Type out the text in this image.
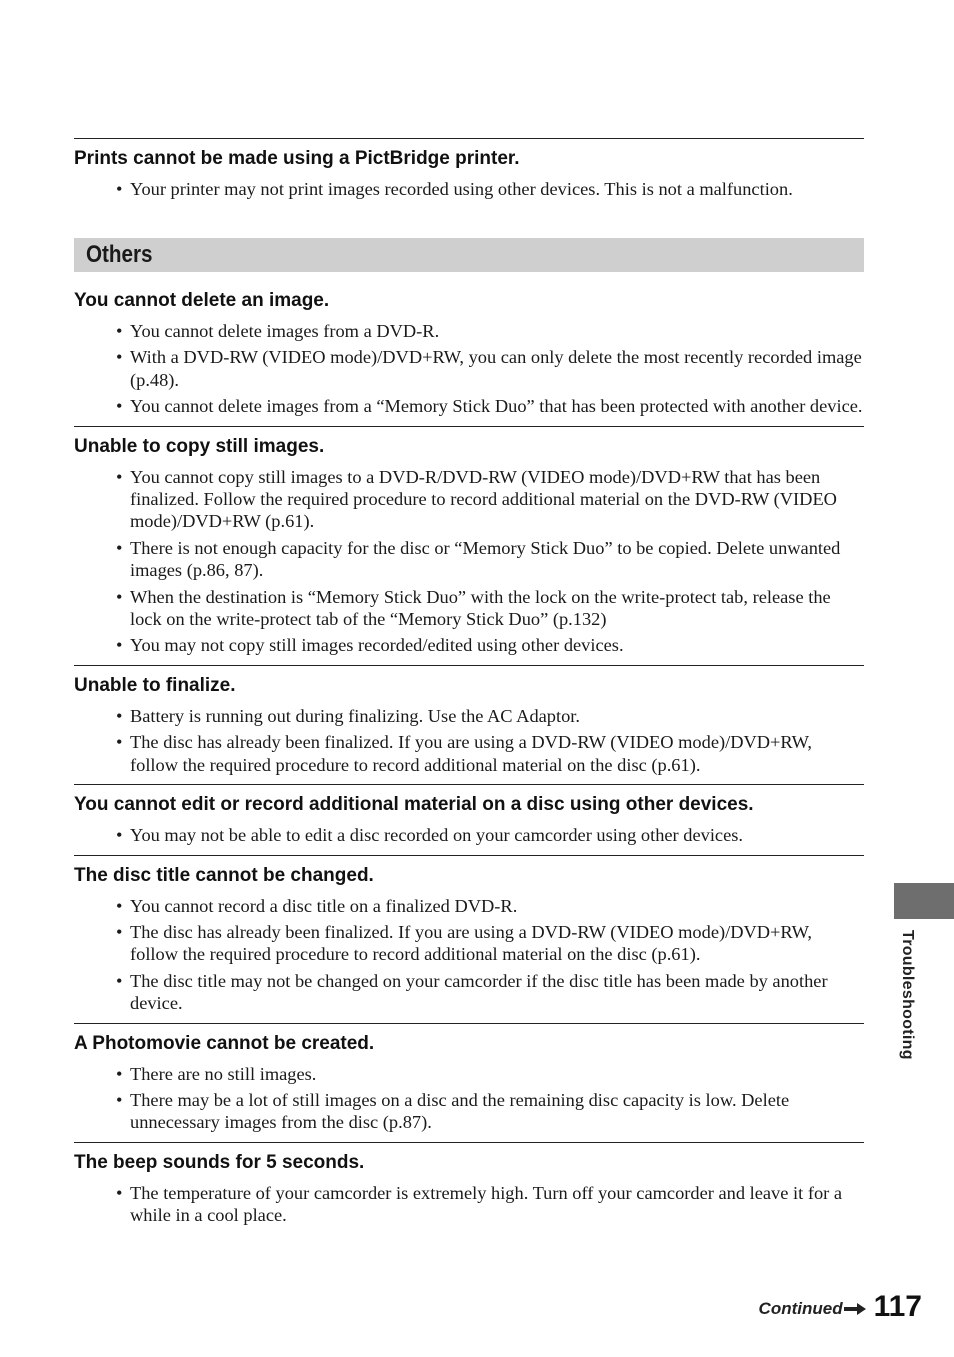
Prints cannot be made using a PictBridge printer.
• Your printer may not print images recorded using other devices. This is not a malfunction.
Others
You cannot delete an image.
• You cannot delete images from a DVD-R.
• With a DVD-RW (VIDEO mode)/DVD+RW, you can only delete the most recently recorded image (p.48).
• You cannot delete images from a “Memory Stick Duo” that has been protected with another device.
Unable to copy still images.
• You cannot copy still images to a DVD-R/DVD-RW (VIDEO mode)/DVD+RW that has been finalized. Follow the required procedure to record additional material on the DVD-RW (VIDEO mode)/DVD+RW (p.61).
• There is not enough capacity for the disc or “Memory Stick Duo” to be copied. Delete unwanted images (p.86, 87).
• When the destination is “Memory Stick Duo” with the lock on the write-protect tab, release the lock on the write-protect tab of the “Memory Stick Duo” (p.132)
• You may not copy still images recorded/edited using other devices.
Unable to finalize.
• Battery is running out during finalizing. Use the AC Adaptor.
• The disc has already been finalized. If you are using a DVD-RW (VIDEO mode)/DVD+RW, follow the required procedure to record additional material on the disc (p.61).
You cannot edit or record additional material on a disc using other devices.
• You may not be able to edit a disc recorded on your camcorder using other devices.
The disc title cannot be changed.
• You cannot record a disc title on a finalized DVD-R.
• The disc has already been finalized. If you are using a DVD-RW (VIDEO mode)/DVD+RW, follow the required procedure to record additional material on the disc (p.61).
• The disc title may not be changed on your camcorder if the disc title has been made by another device.
A Photomovie cannot be created.
• There are no still images.
• There may be a lot of still images on a disc and the remaining disc capacity is low. Delete unnecessary images from the disc (p.87).
The beep sounds for 5 seconds.
• The temperature of your camcorder is extremely high. Turn off your camcorder and leave it for a while in a cool place.
Troubleshooting
Continued 117
